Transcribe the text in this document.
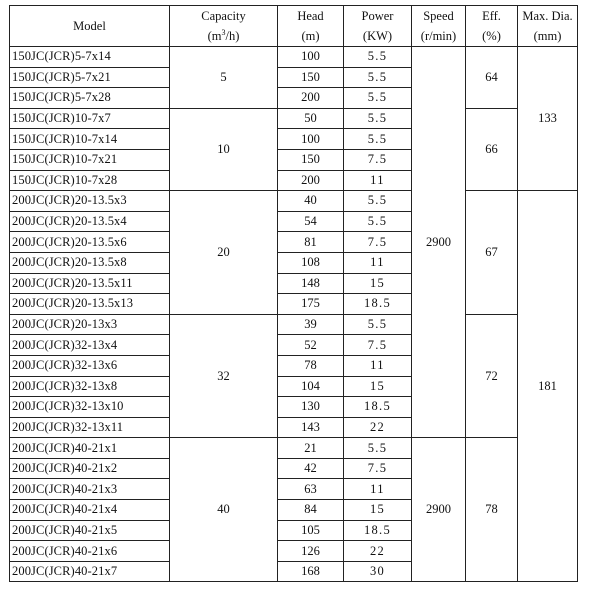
Model	Capacity	Head	Power	Speed	Eff.	Max. Dia.
	$(m^3/h)$	(m)	(KW)	(r/min)	(%)	(mm)
150JC(JCR)5-7x14	5	100	5.5	2900	64	133
150JC(JCR)5-7x21		150	5.5			
150JC(JCR)5-7x28		200	5.5			
150JC(JCR)10-7x7	10	50	5.5		66	
150JC(JCR)10-7x14		100	5.5			
150JC(JCR)10-7x21		150	7.5			
150JC(JCR)10-7x28		200	11			
200JC(JCR)20-13.5x3	20	40	5.5		67	181
200JC(JCR)20-13.5x4		54	5.5			
200JC(JCR)20-13.5x6		81	7.5			
200JC(JCR)20-13.5x8		108	11			
200JC(JCR)20-13.5x11		148	15			
200JC(JCR)20-13.5x13		175	18.5			
200JC(JCR)20-13x3	32	39	5.5		72	
200JC(JCR)32-13x4		52	7.5			
200JC(JCR)32-13x6		78	11			
200JC(JCR)32-13x8		104	15			
200JC(JCR)32-13x10		130	18.5			
200JC(JCR)32-13x11		143	22			
200JC(JCR)40-21x1	40	21	5.5	2900	78	
200JC(JCR)40-21x2		42	7.5			
200JC(JCR)40-21x3		63	11			
200JC(JCR)40-21x4		84	15			
200JC(JCR)40-21x5		105	18.5			
200JC(JCR)40-21x6		126	22			
200JC(JCR)40-21x7		168	30			
